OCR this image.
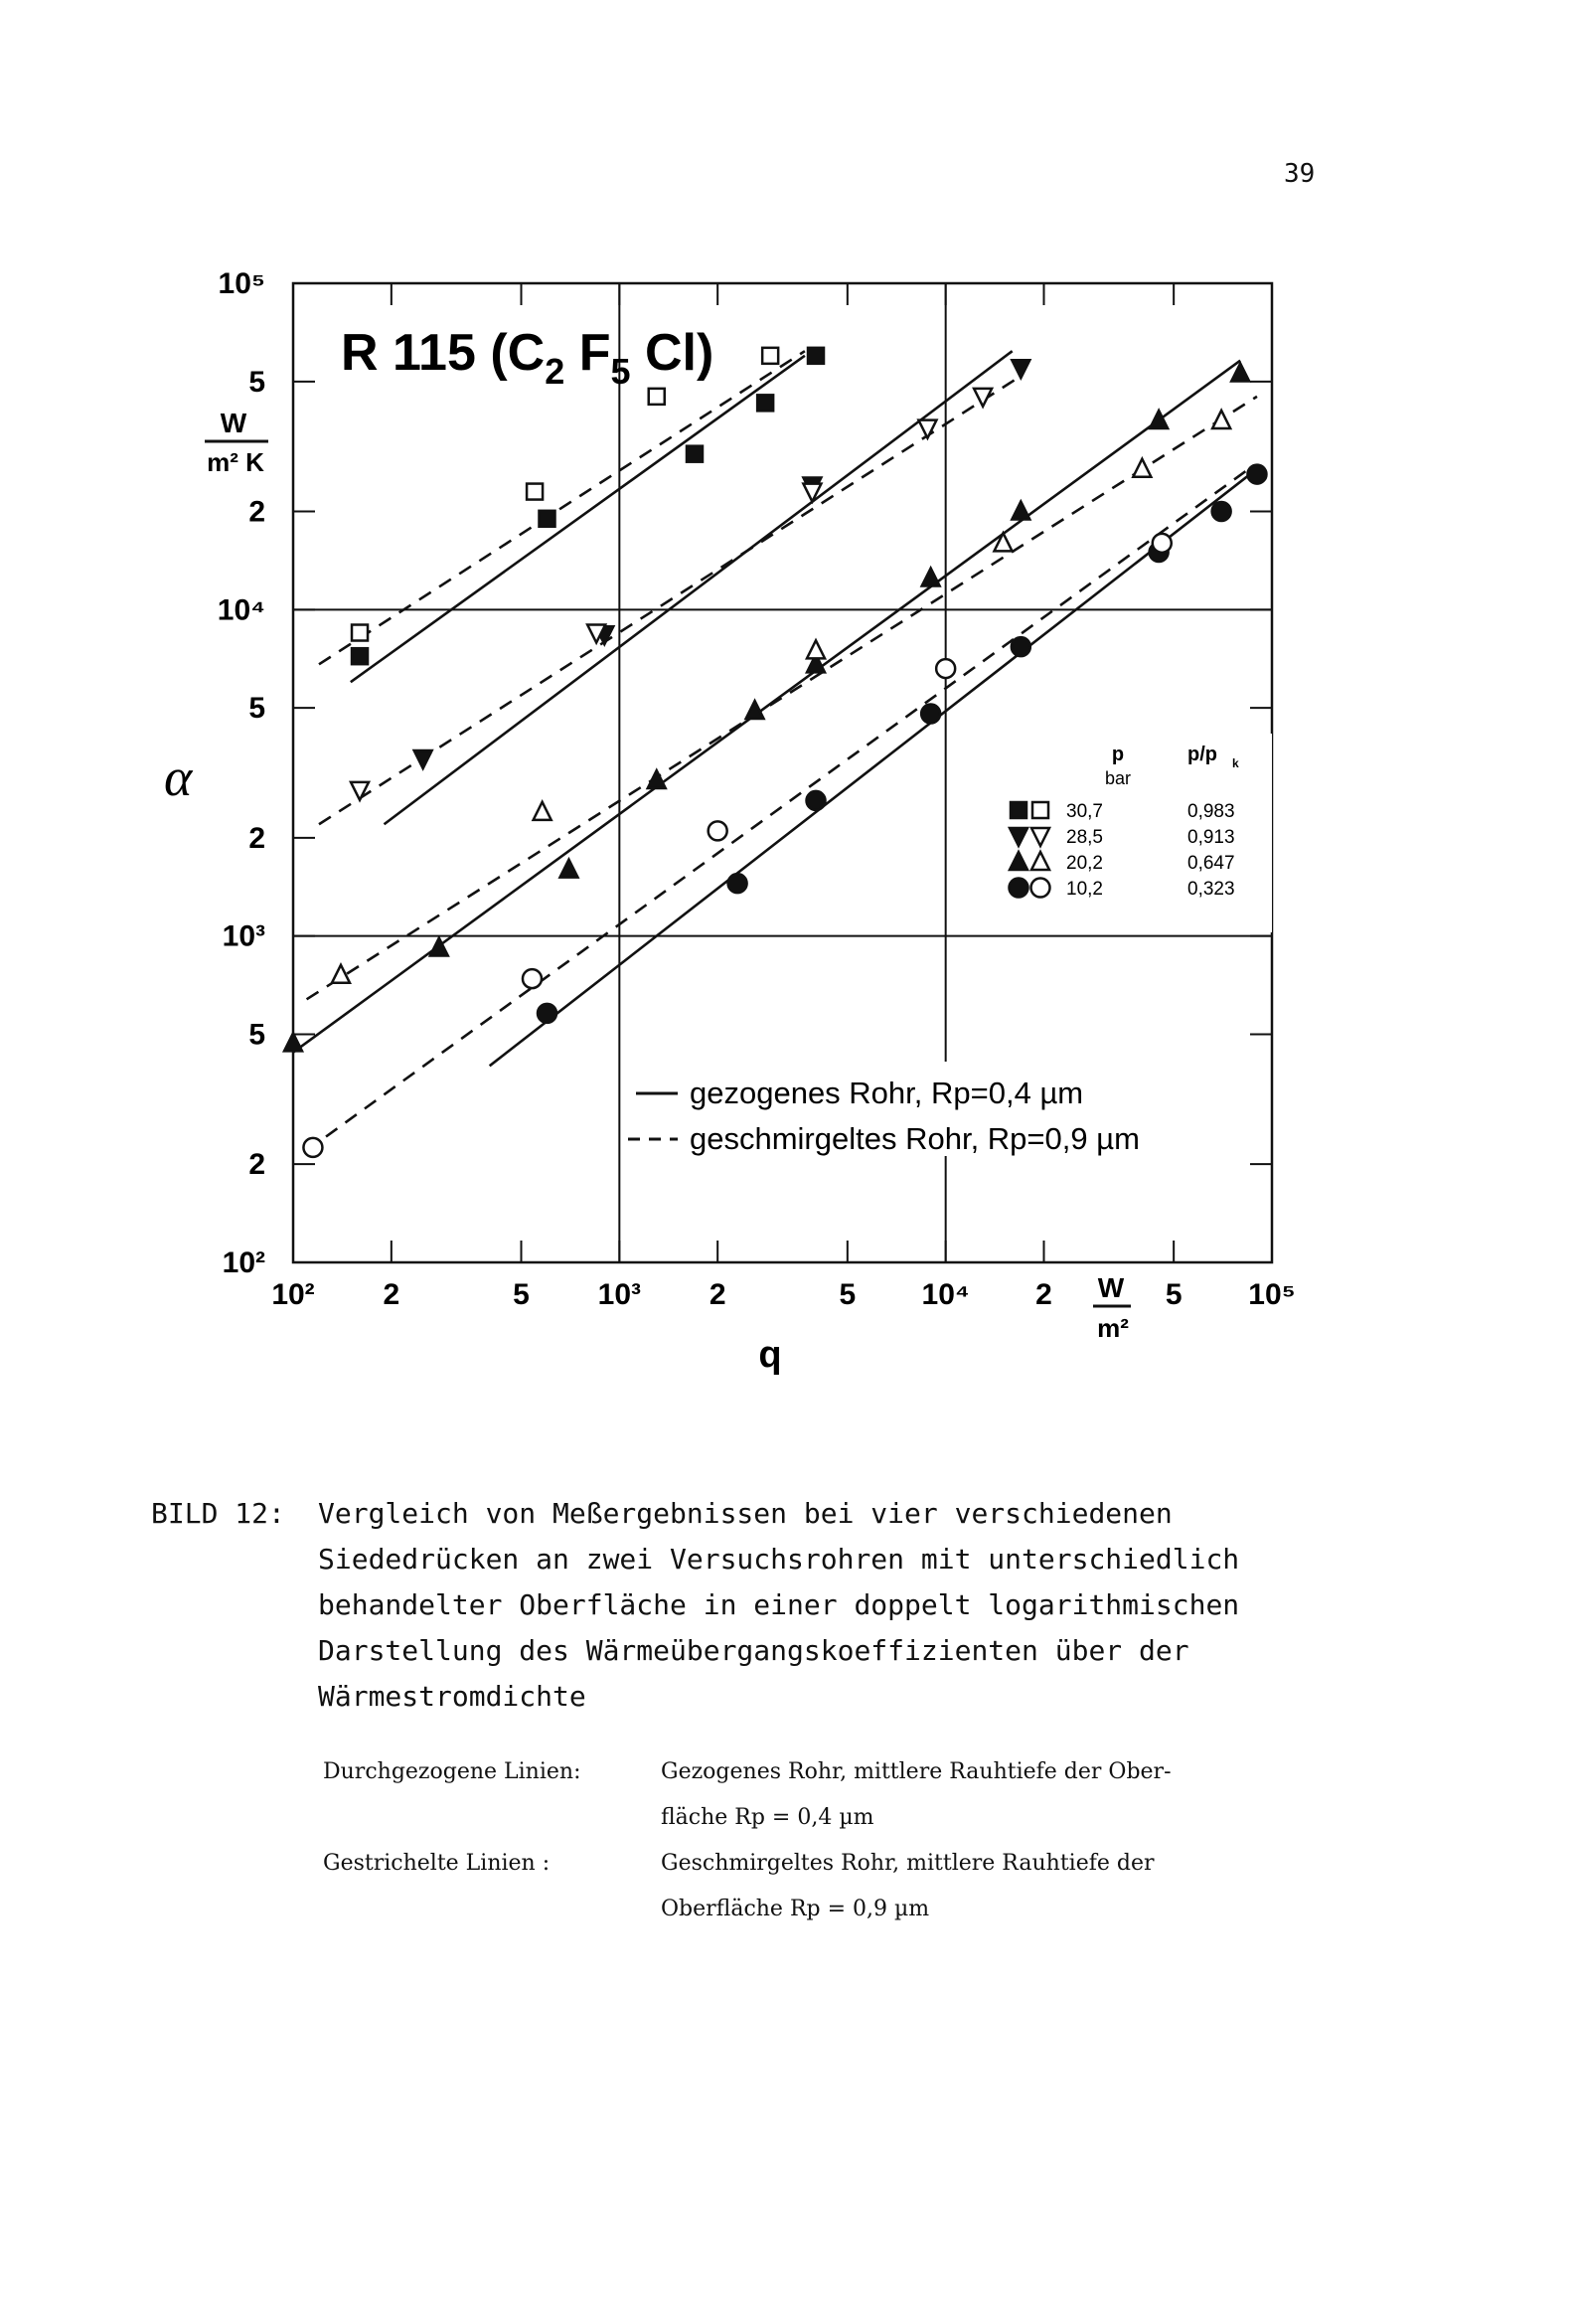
39
10² 2	5 10³ 2	5 10⁴ 2	5 10⁵
10²
2
5
10³
2
5
10⁴
2
5
10⁵
R 115 ($C_2$ $F_5$ Cl)
α
W
m² K
q
W
m²
p
bar
p/p k
30,7	0,983
28,5	0,913
20,2	0,647
10,2	0,323
gezogenes Rohr, Rp=0,4 µm
geschmirgeltes Rohr, Rp=0,9 µm
BILD 12: Vergleich von Meßergebnissen bei vier verschiedenen
Siededrücken an zwei Versuchsrohren mit unterschiedlich
behandelter Oberfläche in einer doppelt logarithmischen
Darstellung des Wärmeübergangskoeffizienten über der
Wärmestromdichte
Durchgezogene Linien:	Gezogenes Rohr, mittlere Rauhtiefe der Ober-
fläche Rp = 0,4 µm
Gestrichelte Linien :	Geschmirgeltes Rohr, mittlere Rauhtiefe der
Oberfläche Rp = 0,9 µm
